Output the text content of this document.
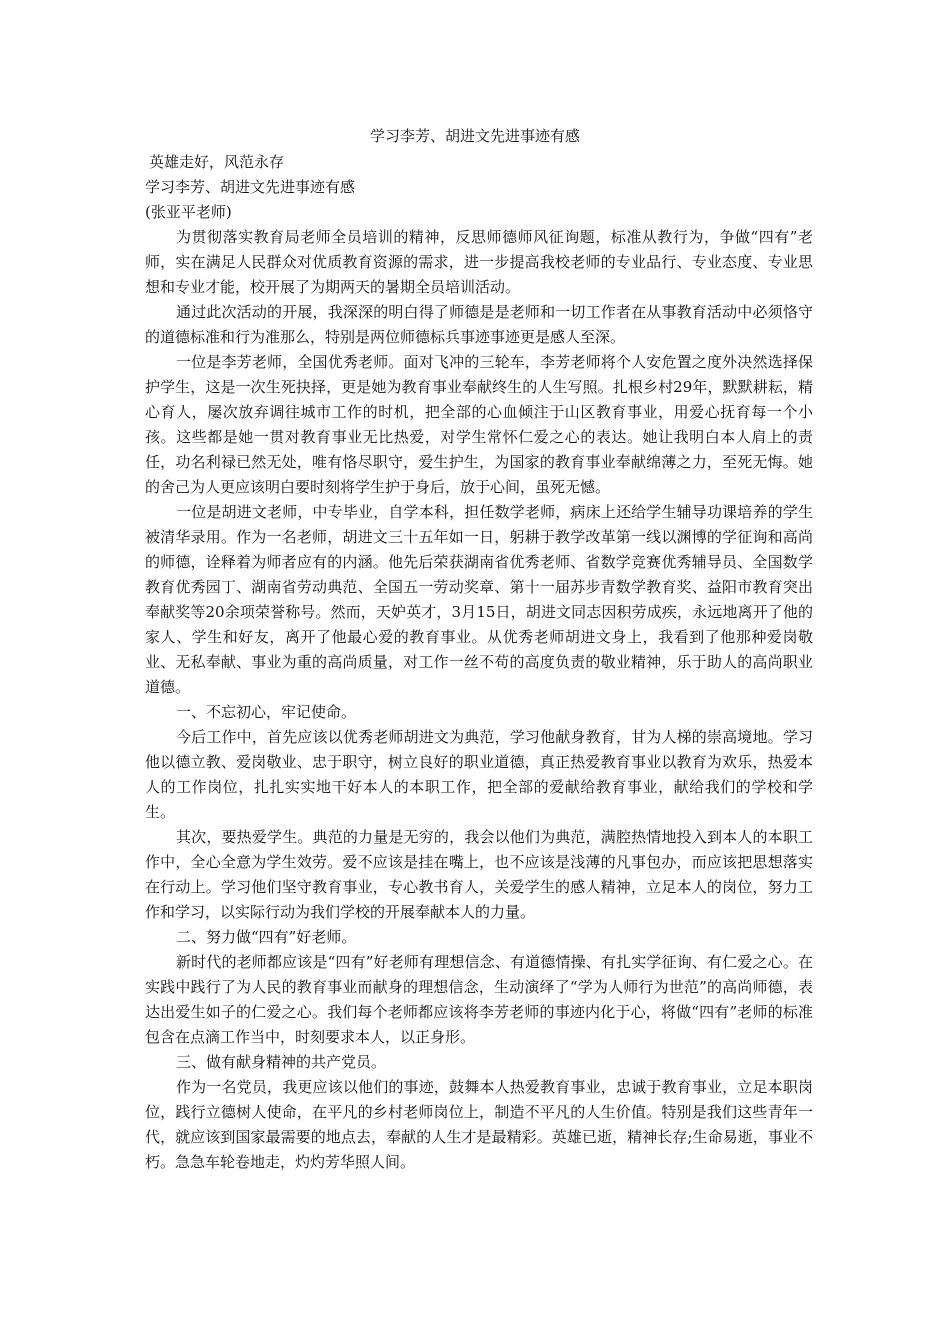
学习李芳、胡进文先进事迹有感

英雄走好，风范永存

学习李芳、胡进文先进事迹有感

(张亚平老师)

为贯彻落实教育局老师全员培训的精神，反思师德师风征询题，标准从教行为，争做“四有”老师，实在满足人民群众对优质教育资源的需求，进一步提高我校老师的专业品行、专业态度、专业思想和专业才能，校开展了为期两天的暑期全员培训活动。

通过此次活动的开展，我深深的明白得了师德是是老师和一切工作者在从事教育活动中必须恪守的道德标准和行为准那么，特别是两位师德标兵事迹事迹更是感人至深。

一位是李芳老师，全国优秀老师。面对飞冲的三轮车，李芳老师将个人安危置之度外决然选择保护学生，这是一次生死抉择，更是她为教育事业奉献终生的人生写照。扎根乡村29年，默默耕耘，精心育人，屡次放弃调往城市工作的时机，把全部的心血倾注于山区教育事业，用爱心抚育每一个小孩。这些都是她一贯对教育事业无比热爱，对学生常怀仁爱之心的表达。她让我明白本人肩上的责任，功名利禄已然无处，唯有恪尽职守，爱生护生，为国家的教育事业奉献绵薄之力，至死无悔。她的舍己为人更应该明白要时刻将学生护于身后，放于心间，虽死无憾。

一位是胡进文老师，中专毕业，自学本科，担任数学老师，病床上还给学生辅导功课培养的学生被清华录用。作为一名老师，胡进文三十五年如一日，躬耕于教学改革第一线以渊博的学征询和高尚的师德，诠释着为师者应有的内涵。他先后荣获湖南省优秀老师、省数学竞赛优秀辅导员、全国数学教育优秀园丁、湖南省劳动典范、全国五一劳动奖章、第十一届苏步青数学教育奖、益阳市教育突出奉献奖等20余项荣誉称号。然而，天妒英才，3月15日，胡进文同志因积劳成疾，永远地离开了他的家人、学生和好友，离开了他最心爱的教育事业。从优秀老师胡进文身上，我看到了他那种爱岗敬业、无私奉献、事业为重的高尚质量，对工作一丝不苟的高度负责的敬业精神，乐于助人的高尚职业道德。

一、不忘初心，牢记使命。

今后工作中，首先应该以优秀老师胡进文为典范，学习他献身教育，甘为人梯的崇高境地。学习他以德立教、爱岗敬业、忠于职守，树立良好的职业道德，真正热爱教育事业以教育为欢乐，热爱本人的工作岗位，扎扎实实地干好本人的本职工作，把全部的爱献给教育事业，献给我们的学校和学生。

其次，要热爱学生。典范的力量是无穷的，我会以他们为典范，满腔热情地投入到本人的本职工作中，全心全意为学生效劳。爱不应该是挂在嘴上，也不应该是浅薄的凡事包办，而应该把思想落实在行动上。学习他们坚守教育事业，专心教书育人，关爱学生的感人精神，立足本人的岗位，努力工作和学习，以实际行动为我们学校的开展奉献本人的力量。

二、努力做“四有”好老师。

新时代的老师都应该是“四有”好老师有理想信念、有道德情操、有扎实学征询、有仁爱之心。在实践中践行了为人民的教育事业而献身的理想信念，生动演绎了“学为人师行为世范”的高尚师德，表达出爱生如子的仁爱之心。我们每个老师都应该将李芳老师的事迹内化于心，将做“四有”老师的标准包含在点滴工作当中，时刻要求本人，以正身形。

三、做有献身精神的共产党员。

作为一名党员，我更应该以他们的事迹，鼓舞本人热爱教育事业，忠诚于教育事业，立足本职岗位，践行立德树人使命，在平凡的乡村老师岗位上，制造不平凡的人生价值。特别是我们这些青年一代，就应该到国家最需要的地点去，奉献的人生才是最精彩。英雄已逝，精神长存;生命易逝，事业不朽。急急车轮卷地走，灼灼芳华照人间。
